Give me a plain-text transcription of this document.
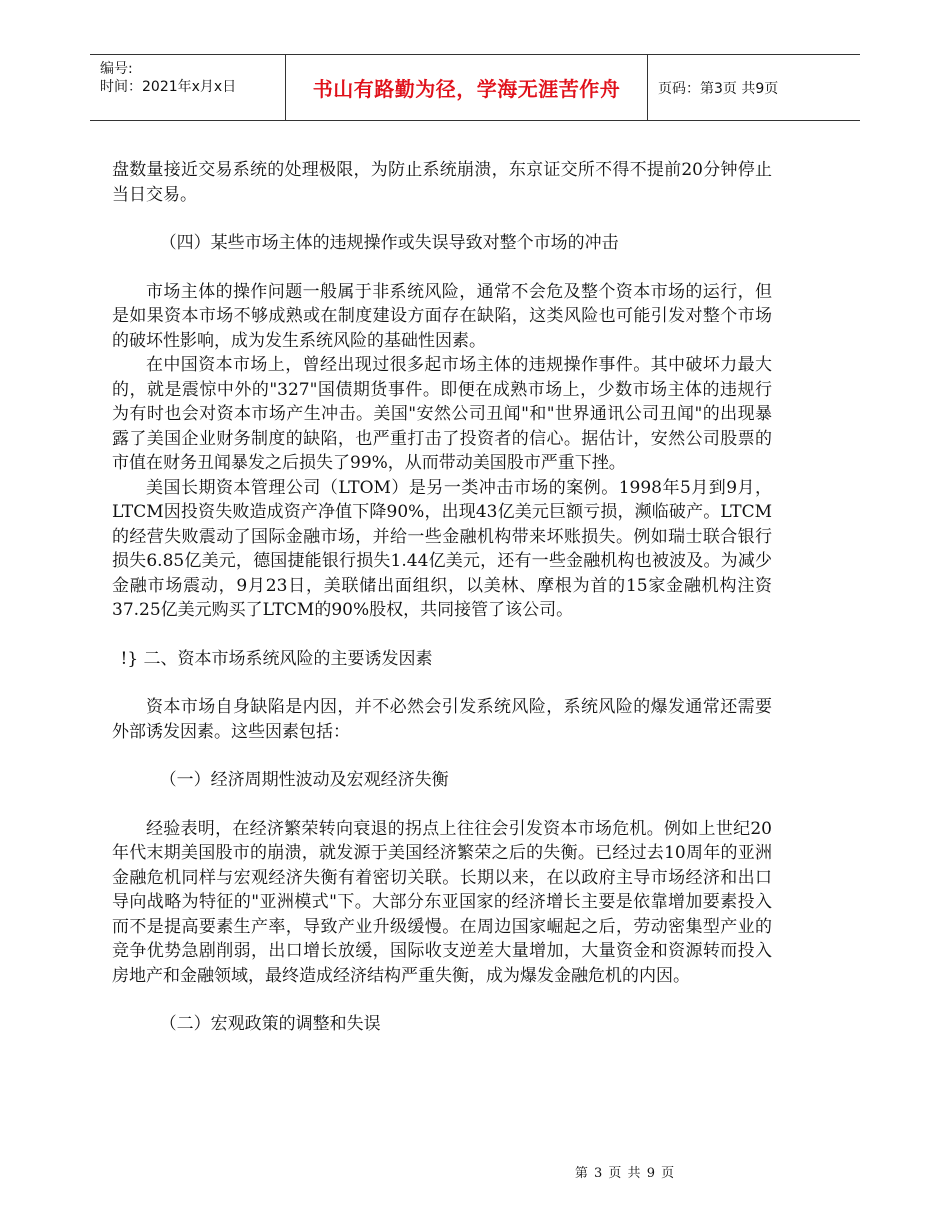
编号:
时间：2021年x月x日	书山有路勤为径，学海无涯苦作舟	页码：第3页 共9页

盘数量接近交易系统的处理极限，为防止系统崩溃，东京证交所不得不提前20分钟停止当日交易。

（四）某些市场主体的违规操作或失误导致对整个市场的冲击

市场主体的操作问题一般属于非系统风险，通常不会危及整个资本市场的运行，但是如果资本市场不够成熟或在制度建设方面存在缺陷，这类风险也可能引发对整个市场的破坏性影响，成为发生系统风险的基础性因素。

在中国资本市场上，曾经出现过很多起市场主体的违规操作事件。其中破坏力最大的，就是震惊中外的"327"国债期货事件。即便在成熟市场上，少数市场主体的违规行为有时也会对资本市场产生冲击。美国"安然公司丑闻"和"世界通讯公司丑闻"的出现暴露了美国企业财务制度的缺陷，也严重打击了投资者的信心。据估计，安然公司股票的市值在财务丑闻暴发之后损失了99%，从而带动美国股市严重下挫。

美国长期资本管理公司（LTOM）是另一类冲击市场的案例。1998年5月到9月，LTCM因投资失败造成资产净值下降90%，出现43亿美元巨额亏损，濒临破产。LTCM的经营失败震动了国际金融市场，并给一些金融机构带来坏账损失。例如瑞士联合银行损失6.85亿美元，德国捷能银行损失1.44亿美元，还有一些金融机构也被波及。为减少金融市场震动，9月23日，美联储出面组织，以美林、摩根为首的15家金融机构注资37.25亿美元购买了LTCM的90%股权，共同接管了该公司。

!} 二、资本市场系统风险的主要诱发因素

资本市场自身缺陷是内因，并不必然会引发系统风险，系统风险的爆发通常还需要外部诱发因素。这些因素包括：

（一）经济周期性波动及宏观经济失衡

经验表明，在经济繁荣转向衰退的拐点上往往会引发资本市场危机。例如上世纪20年代末期美国股市的崩溃，就发源于美国经济繁荣之后的失衡。已经过去10周年的亚洲金融危机同样与宏观经济失衡有着密切关联。长期以来，在以政府主导市场经济和出口导向战略为特征的"亚洲模式"下。大部分东亚国家的经济增长主要是依靠增加要素投入而不是提高要素生产率，导致产业升级缓慢。在周边国家崛起之后，劳动密集型产业的竞争优势急剧削弱，出口增长放缓，国际收支逆差大量增加，大量资金和资源转而投入房地产和金融领域，最终造成经济结构严重失衡，成为爆发金融危机的内因。

（二）宏观政策的调整和失误

第 3 页 共 9 页
